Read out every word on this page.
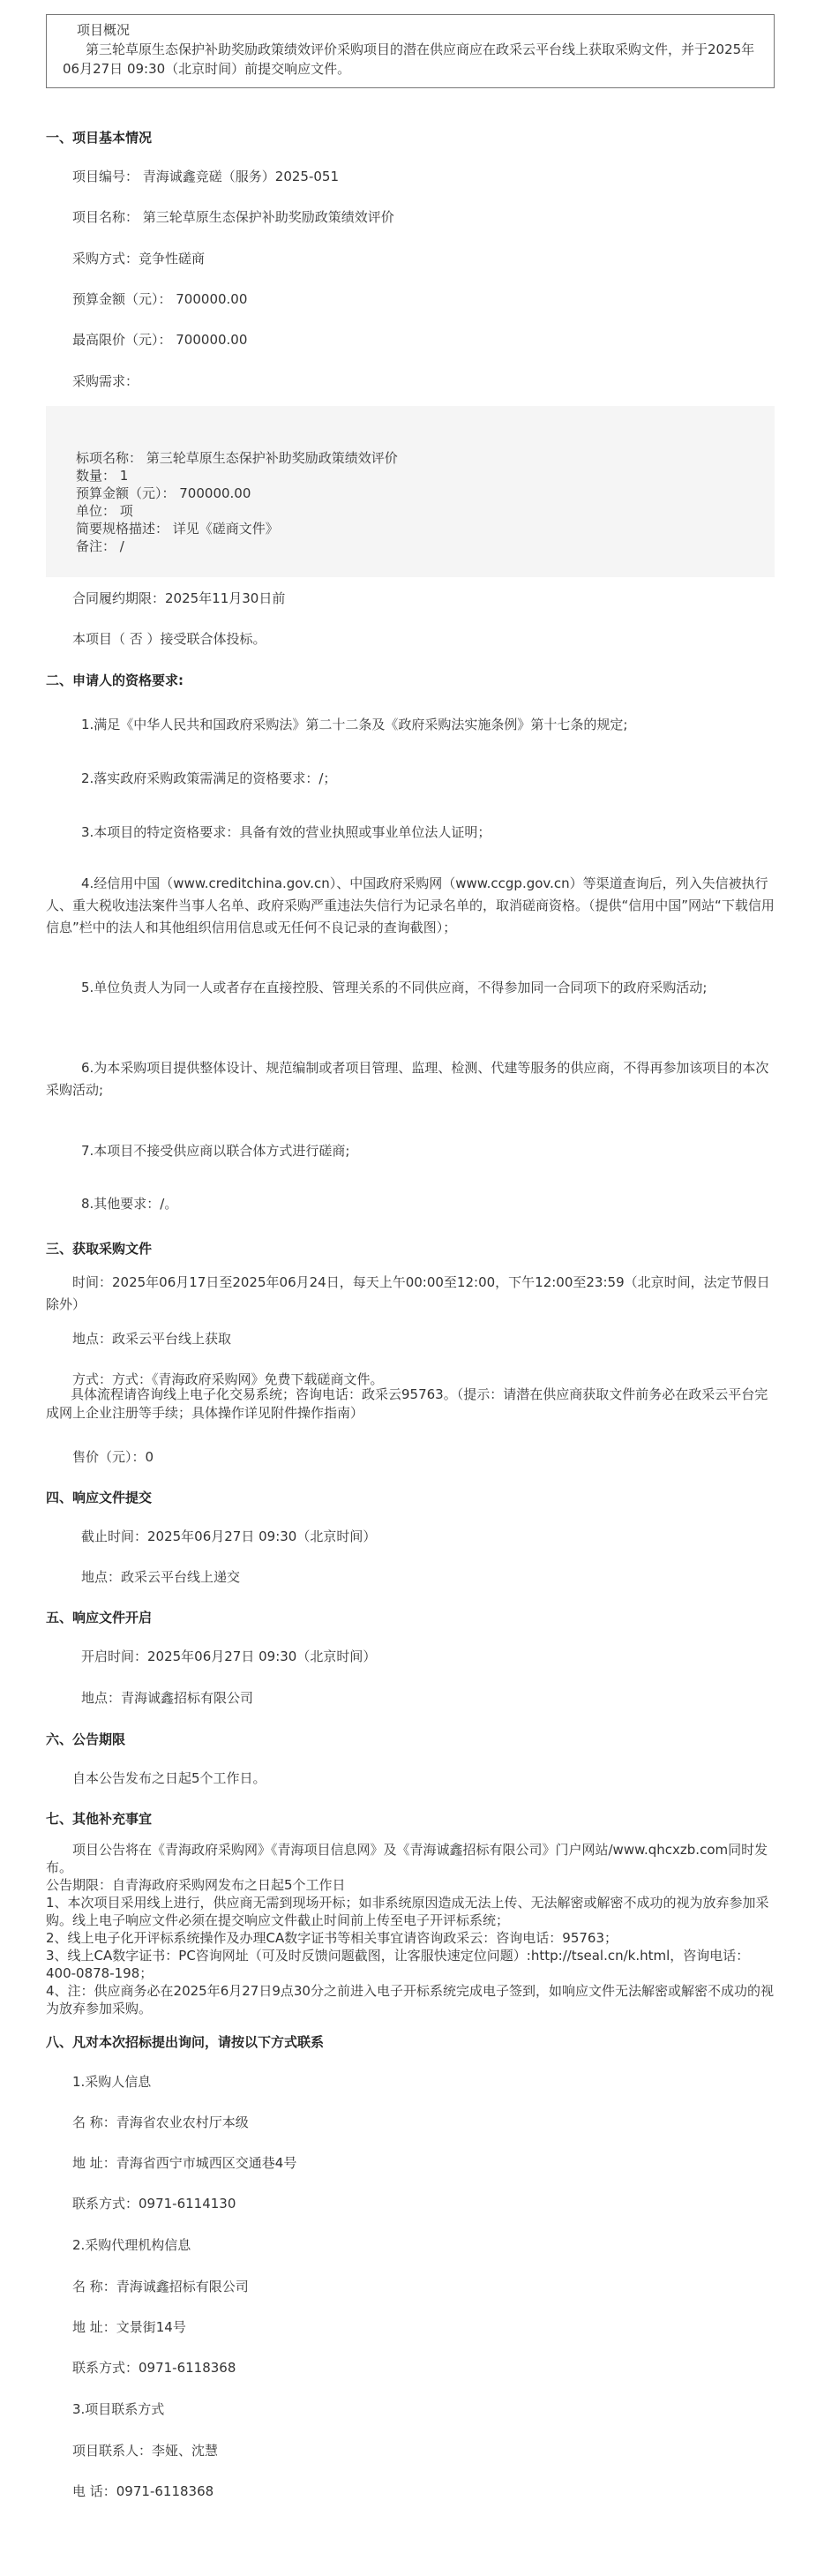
项目概况

第三轮草原生态保护补助奖励政策绩效评价采购项目的潜在供应商应在政采云平台线上获取采购文件，并于2025年06月27日 09:30（北京时间）前提交响应文件。

一、项目基本情况
项目编号： 青海诚鑫竞磋（服务）2025-051
项目名称： 第三轮草原生态保护补助奖励政策绩效评价
采购方式：竞争性磋商
预算金额（元）： 700000.00
最高限价（元）： 700000.00
采购需求：
标项名称： 第三轮草原生态保护补助奖励政策绩效评价
数量： 1
预算金额（元）： 700000.00
单位： 项
简要规格描述： 详见《磋商文件》
备注： /
合同履约期限：2025年11月30日前
本项目（ 否 ）接受联合体投标。
二、申请人的资格要求:
1.满足《中华人民共和国政府采购法》第二十二条及《政府采购法实施条例》第十七条的规定;
2.落实政府采购政策需满足的资格要求：/；
3.本项目的特定资格要求：具备有效的营业执照或事业单位法人证明；
4.经信用中国（www.creditchina.gov.cn）、中国政府采购网（www.ccgp.gov.cn）等渠道查询后，列入失信被执行人、重大税收违法案件当事人名单、政府采购严重违法失信行为记录名单的，取消磋商资格。（提供“信用中国”网站“下载信用信息”栏中的法人和其他组织信用信息或无任何不良记录的查询截图）；
5.单位负责人为同一人或者存在直接控股、管理关系的不同供应商，不得参加同一合同项下的政府采购活动;
6.为本采购项目提供整体设计、规范编制或者项目管理、监理、检测、代建等服务的供应商，不得再参加该项目的本次采购活动;
7.本项目不接受供应商以联合体方式进行磋商;
8.其他要求：/。
三、获取采购文件
时间：2025年06月17日至2025年06月24日，每天上午00:00至12:00，下午12:00至23:59（北京时间，法定节假日除外）
地点：政采云平台线上获取
方式：方式：《青海政府采购网》免费下载磋商文件。
具体流程请咨询线上电子化交易系统；咨询电话：政采云95763。（提示：请潜在供应商获取文件前务必在政采云平台完成网上企业注册等手续；具体操作详见附件操作指南）
售价（元）：0
四、响应文件提交
截止时间：2025年06月27日 09:30（北京时间）
地点：政采云平台线上递交
五、响应文件开启
开启时间：2025年06月27日 09:30（北京时间）
地点：青海诚鑫招标有限公司
六、公告期限
自本公告发布之日起5个工作日。
七、其他补充事宜
项目公告将在《青海政府采购网》《青海项目信息网》及《青海诚鑫招标有限公司》门户网站/www.qhcxzb.com同时发布。
公告期限：自青海政府采购网发布之日起5个工作日
1、本次项目采用线上进行，供应商无需到现场开标；如非系统原因造成无法上传、无法解密或解密不成功的视为放弃参加采购。线上电子响应文件必须在提交响应文件截止时间前上传至电子开评标系统；
2、线上电子化开评标系统操作及办理CA数字证书等相关事宜请咨询政采云：咨询电话：95763；
3、线上CA数字证书：PC咨询网址（可及时反馈问题截图，让客服快速定位问题）:http://tseal.cn/k.html，咨询电话：400-0878-198；
4、注：供应商务必在2025年6月27日9点30分之前进入电子开标系统完成电子签到，如响应文件无法解密或解密不成功的视为放弃参加采购。
八、凡对本次招标提出询问，请按以下方式联系
1.采购人信息
名 称：青海省农业农村厅本级
地 址：青海省西宁市城西区交通巷4号
联系方式：0971-6114130
2.采购代理机构信息
名 称：青海诚鑫招标有限公司
地 址：文景街14号
联系方式：0971-6118368
3.项目联系方式
项目联系人：李娅、沈慧
电 话：0971-6118368
